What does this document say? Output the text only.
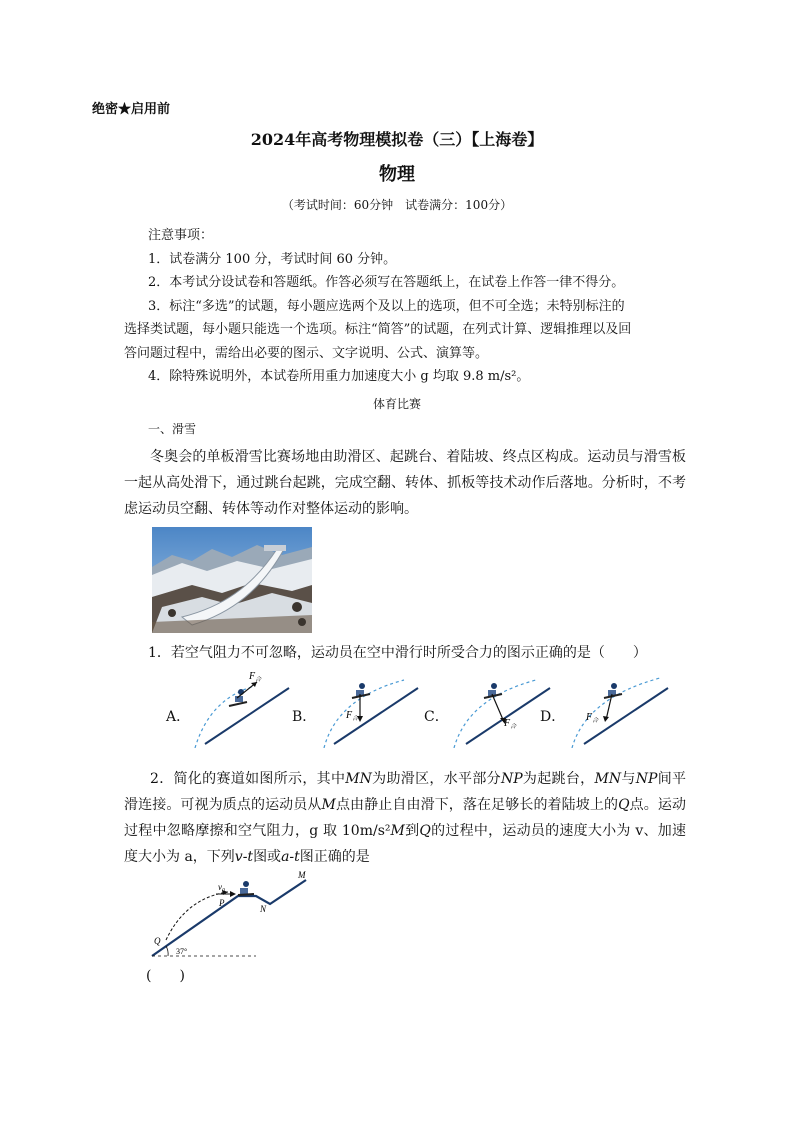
绝密★启用前
2024年高考物理模拟卷（三）【上海卷】
物理
（考试时间：60分钟　试卷满分：100分）

注意事项：

1．试卷满分 100 分，考试时间 60 分钟。

2．本考试分设试卷和答题纸。作答必须写在答题纸上，在试卷上作答一律不得分。

3．标注“多选”的试题，每小题应选两个及以上的选项，但不可全选；未特别标注的

选择类试题，每小题只能选一个选项。标注“简答”的试题，在列式计算、逻辑推理以及回

答问题过程中，需给出必要的图示、文字说明、公式、演算等。

4．除特殊说明外，本试卷所用重力加速度大小 g 均取 9.8 m/s²。

体育比赛
一、滑雪
冬奥会的单板滑雪比赛场地由助滑区、起跳台、着陆坡、终点区构成。运动员与滑雪板一起从高处滑下，通过跳台起跳，完成空翻、转体、抓板等技术动作后落地。分析时，不考虑运动员空翻、转体等动作对整体运动的影响。
1．若空气阻力不可忽略，运动员在空中滑行时所受合力的图示正确的是（　　）
A．	B．	C．	D．
$F_合$
$F_合$	$F_合$
$F_合$
2．简化的赛道如图所示，其中MN为助滑区，水平部分NP为起跳台，MN与NP间平滑连接。可视为质点的运动员从M点由静止自由滑下，落在足够长的着陆坡上的Q点。运动过程中忽略摩擦和空气阻力，g 取 10m/s²M到Q的过程中，运动员的速度大小为 v、加速度大小为 a，下列v-t图或a-t图正确的是
v₀
P
N
M
Q
37°
(　　)
